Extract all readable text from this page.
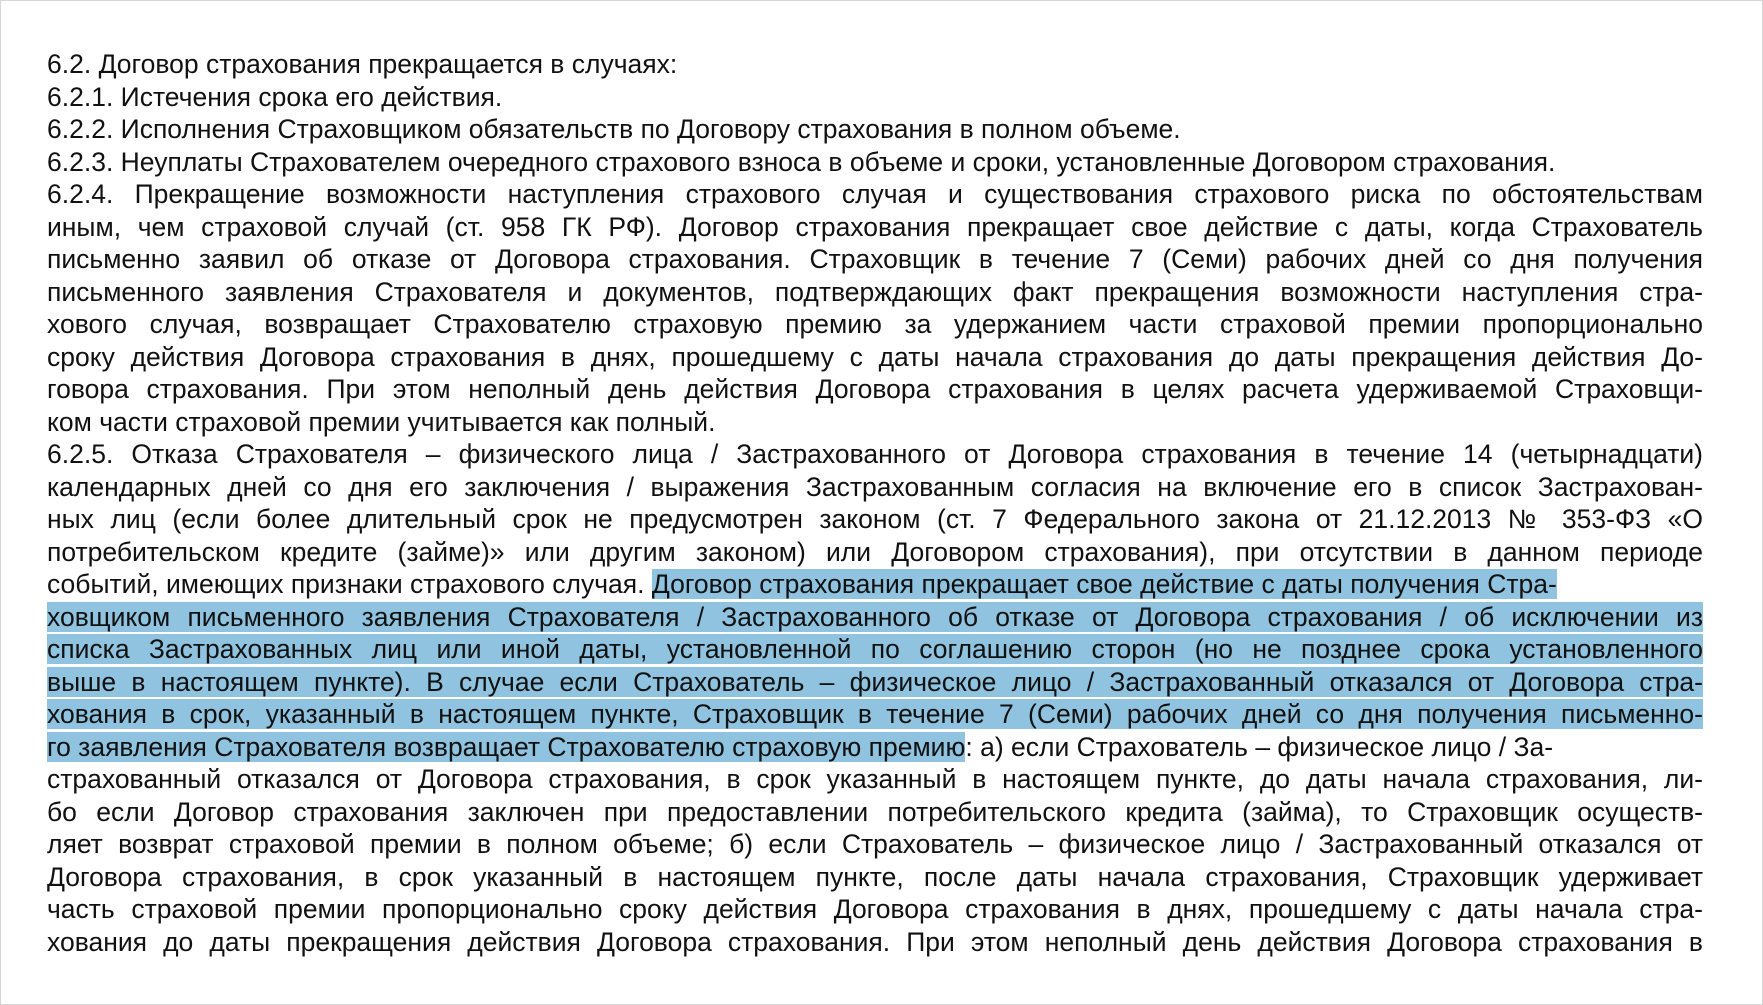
6.2. Договор страхования прекращается в случаях:
6.2.1. Истечения срока его действия.
6.2.2. Исполнения Страховщиком обязательств по Договору страхования в полном объеме.
6.2.3. Неуплаты Страхователем очередного страхового взноса в объеме и сроки, установленные Договором страхования.
6.2.4. Прекращение возможности наступления страхового случая и существования страхового риска по обстоятельствам
иным, чем страховой случай (ст. 958 ГК РФ). Договор страхования прекращает свое действие с даты, когда Страхователь
письменно заявил об отказе от Договора страхования. Страховщик в течение 7 (Семи) рабочих дней со дня получения
письменного заявления Страхователя и документов, подтверждающих факт прекращения возможности наступления стра-
хового случая, возвращает Страхователю страховую премию за удержанием части страховой премии пропорционально
сроку действия Договора страхования в днях, прошедшему с даты начала страхования до даты прекращения действия До-
говора страхования. При этом неполный день действия Договора страхования в целях расчета удерживаемой Страховщи-
ком части страховой премии учитывается как полный.
6.2.5. Отказа Страхователя – физического лица / Застрахованного от Договора страхования в течение 14 (четырнадцати)
календарных дней со дня его заключения / выражения Застрахованным согласия на включение его в список Застрахован-
ных лиц (если более длительный срок не предусмотрен законом (ст. 7 Федерального закона от 21.12.2013 № 353-ФЗ «О
потребительском кредите (займе)» или другим законом) или Договором страхования), при отсутствии в данном периоде
событий, имеющих признаки страхового случая. Договор страхования прекращает свое действие с даты получения Стра-
ховщиком письменного заявления Страхователя / Застрахованного об отказе от Договора страхования / об исключении из
списка Застрахованных лиц или иной даты, установленной по соглашению сторон (но не позднее срока установленного
выше в настоящем пункте). В случае если Страхователь – физическое лицо / Застрахованный отказался от Договора стра-
хования в срок, указанный в настоящем пункте, Страховщик в течение 7 (Семи) рабочих дней со дня получения письменно-
го заявления Страхователя возвращает Страхователю страховую премию: а) если Страхователь – физическое лицо / За-
страхованный отказался от Договора страхования, в срок указанный в настоящем пункте, до даты начала страхования, ли-
бо если Договор страхования заключен при предоставлении потребительского кредита (займа), то Страховщик осуществ-
ляет возврат страховой премии в полном объеме; б) если Страхователь – физическое лицо / Застрахованный отказался от
Договора страхования, в срок указанный в настоящем пункте, после даты начала страхования, Страховщик удерживает
часть страховой премии пропорционально сроку действия Договора страхования в днях, прошедшему с даты начала стра-
хования до даты прекращения действия Договора страхования. При этом неполный день действия Договора страхования в
